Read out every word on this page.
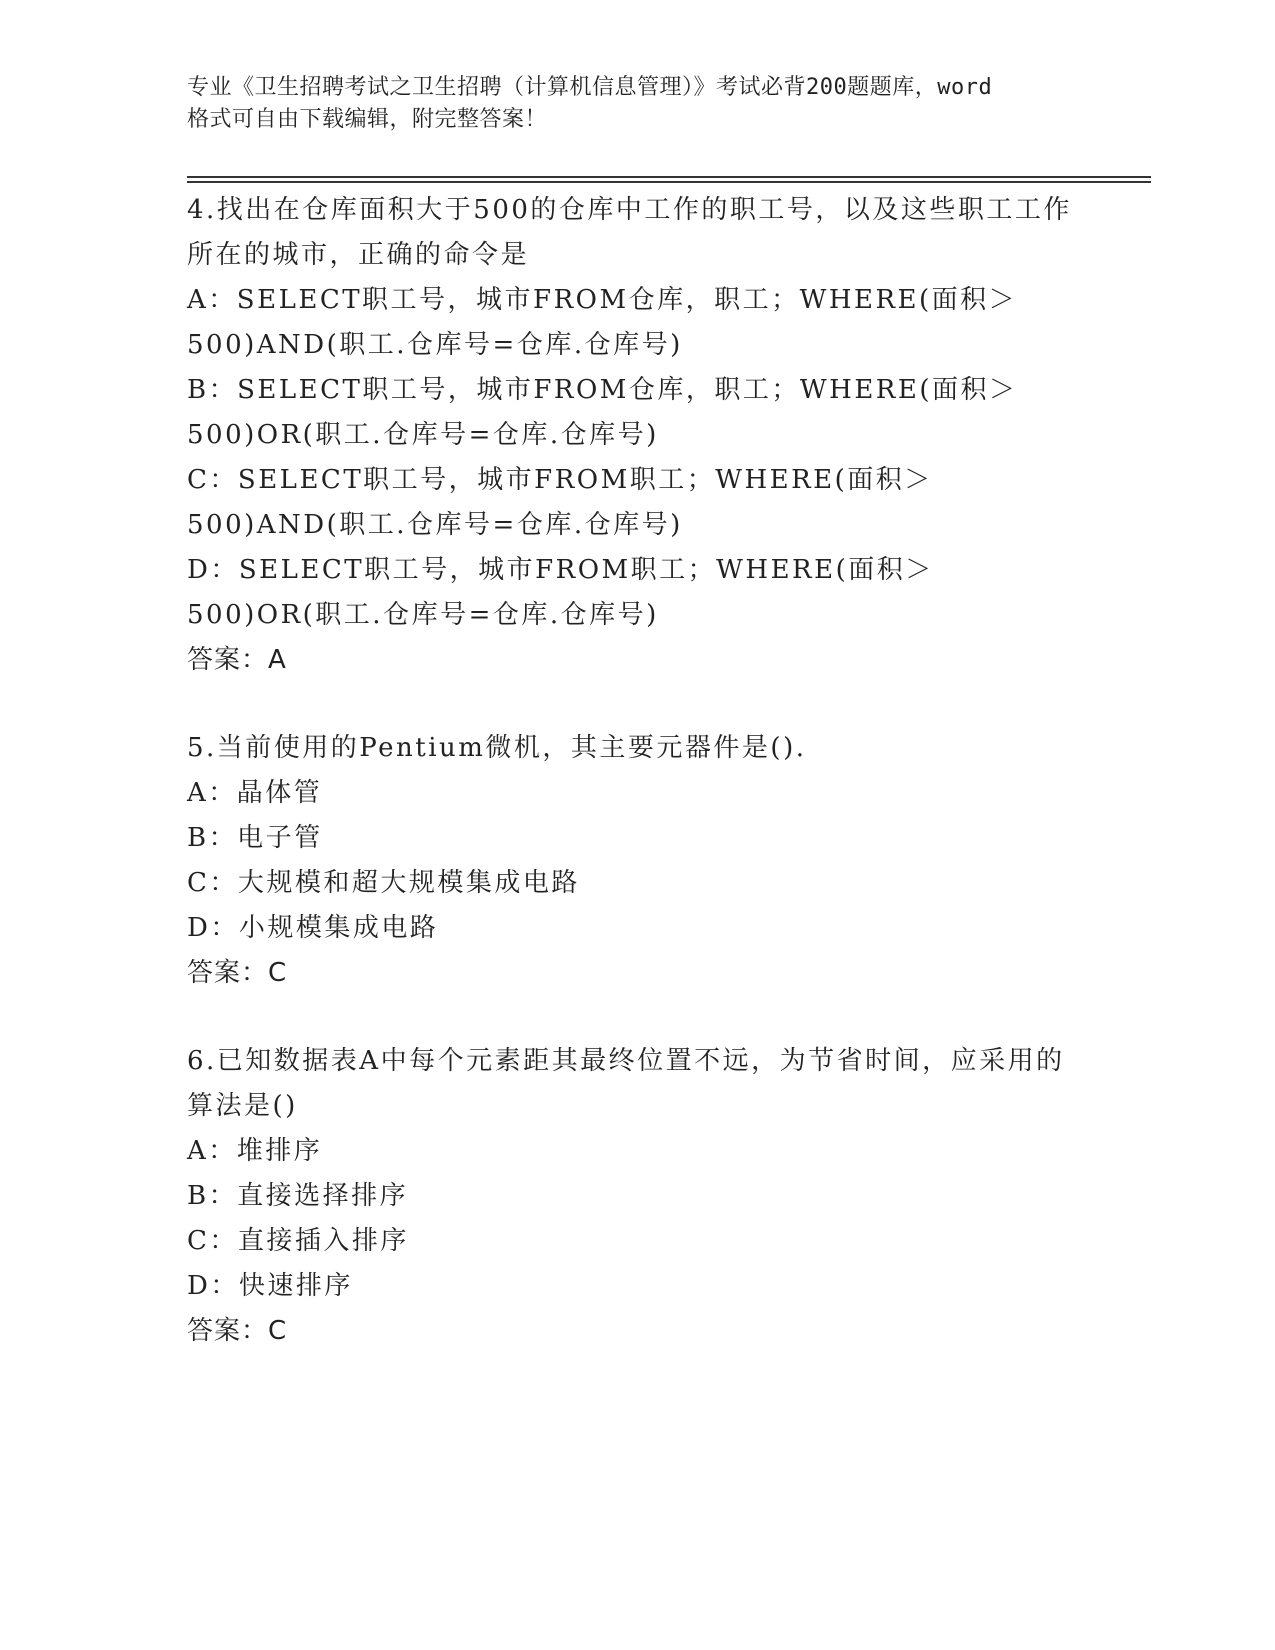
专业《卫生招聘考试之卫生招聘（计算机信息管理）》考试必背200题题库，word
格式可自由下载编辑，附完整答案！

4.找出在仓库面积大于500的仓库中工作的职工号，以及这些职工工作所在的城市，正确的命令是

A：SELECT职工号，城市FROM仓库，职工；WHERE(面积＞500)AND(职工.仓库号=仓库.仓库号)

B：SELECT职工号，城市FROM仓库，职工；WHERE(面积＞500)OR(职工.仓库号=仓库.仓库号)

C：SELECT职工号，城市FROM职工；WHERE(面积＞500)AND(职工.仓库号=仓库.仓库号)

D：SELECT职工号，城市FROM职工；WHERE(面积＞500)OR(职工.仓库号=仓库.仓库号)

答案：A

5.当前使用的Pentium微机，其主要元器件是().

A：晶体管

B：电子管

C：大规模和超大规模集成电路

D：小规模集成电路

答案：C

6.已知数据表A中每个元素距其最终位置不远，为节省时间，应采用的算法是()

A：堆排序

B：直接选择排序

C：直接插入排序

D：快速排序

答案：C
